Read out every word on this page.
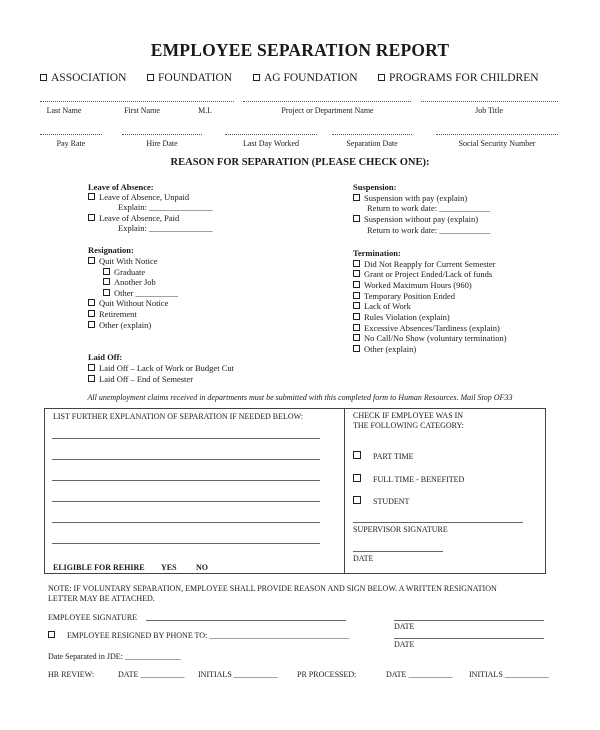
EMPLOYEE SEPARATION REPORT
ASSOCIATION	FOUNDATION	AG FOUNDATION	PROGRAMS FOR CHILDREN
Last Name	First Name	M.I.	Project or Department Name	Job Title
Pay Rate	Hire Date	Last Day Worked	Separation Date	Social Security Number
REASON FOR SEPARATION (PLEASE CHECK ONE):
Leave of Absence:
Leave of Absence, Unpaid
Explain: _______________
Leave of Absence, Paid
Explain: _______________
Resignation:
Quit With Notice
Graduate
Another Job
Other __________
Quit Without Notice
Retirement
Other (explain)
Laid Off:
Laid Off – Lack of Work or Budget Cut
Laid Off – End of Semester
Suspension:
Suspension with pay (explain)
Return to work date: ____________
Suspension without pay (explain)
Return to work date: ____________
Termination:
Did Not Reapply for Current Semester
Grant or Project Ended/Lack of funds
Worked Maximum Hours (960)
Temporary Position Ended
Lack of Work
Rules Violation (explain)
Excessive Absences/Tardiness (explain)
No Call/No Show (voluntary termination)
Other (explain)
All unemployment claims received in departments must be submitted with this completed form to Human Resources. Mail Stop OF33
LIST FURTHER EXPLANATION OF SEPARATION IF NEEDED BELOW:
ELIGIBLE FOR REHIRE YES NO
CHECK IF EMPLOYEE WAS IN
THE FOLLOWING CATEGORY:
PART TIME
FULL TIME - BENEFITED
STUDENT
SUPERVISOR SIGNATURE
DATE
NOTE: IF VOLUNTARY SEPARATION, EMPLOYEE SHALL PROVIDE REASON AND SIGN BELOW. A WRITTEN RESIGNATION
LETTER MAY BE ATTACHED.
EMPLOYEE SIGNATURE
DATE
EMPLOYEE RESIGNED BY PHONE TO: ___________________________________
DATE
Date Separated in JDE: ______________
HR REVIEW:	DATE ___________ INITIALS ___________ PR PROCESSED:	DATE ___________ INITIALS ___________
